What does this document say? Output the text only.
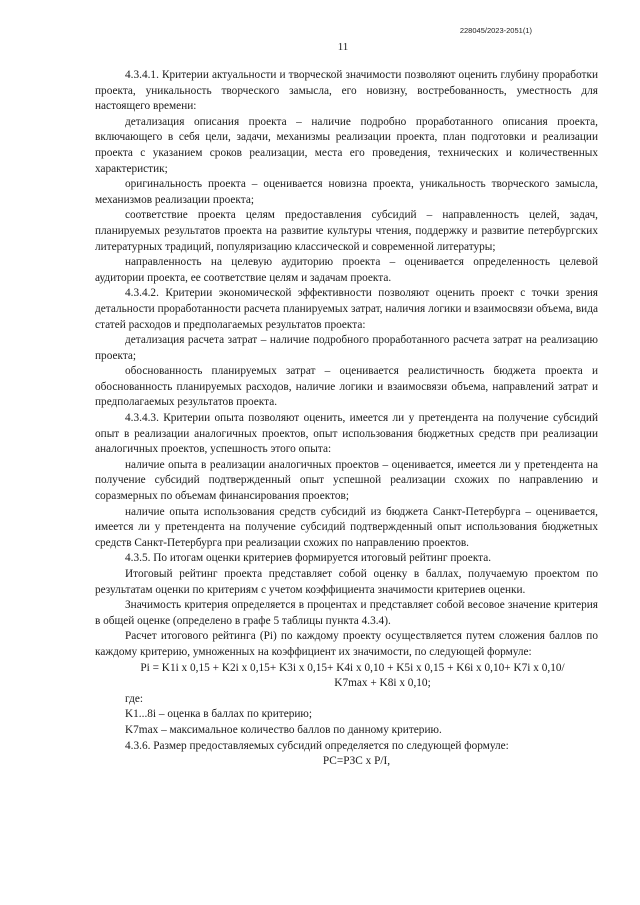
228045/2023-2051(1)
11

4.3.4.1. Критерии актуальности и творческой значимости позволяют оценить глубину проработки проекта, уникальность творческого замысла, его новизну, востребованность, уместность для настоящего времени:

детализация описания проекта – наличие подробно проработанного описания проекта, включающего в себя цели, задачи, механизмы реализации проекта, план подготовки и реализации проекта с указанием сроков реализации, места его проведения, технических и количественных характеристик;

оригинальность проекта – оценивается новизна проекта, уникальность творческого замысла, механизмов реализации проекта;

соответствие проекта целям предоставления субсидий – направленность целей, задач, планируемых результатов проекта на развитие культуры чтения, поддержку и развитие петербургских литературных традиций, популяризацию классической и современной литературы;

направленность на целевую аудиторию проекта – оценивается определенность целевой аудитории проекта, ее соответствие целям и задачам проекта.

4.3.4.2. Критерии экономической эффективности позволяют оценить проект с точки зрения детальности проработанности расчета планируемых затрат, наличия логики и взаимосвязи объема, вида статей расходов и предполагаемых результатов проекта:

детализация расчета затрат – наличие подробного проработанного расчета затрат на реализацию проекта;

обоснованность планируемых затрат – оценивается реалистичность бюджета проекта и обоснованность планируемых расходов, наличие логики и взаимосвязи объема, направлений затрат и предполагаемых результатов проекта.

4.3.4.3. Критерии опыта позволяют оценить, имеется ли у претендента на получение субсидий опыт в реализации аналогичных проектов, опыт использования бюджетных средств при реализации аналогичных проектов, успешность этого опыта:

наличие опыта в реализации аналогичных проектов – оценивается, имеется ли у претендента на получение субсидий подтвержденный опыт успешной реализации схожих по направлению и соразмерных по объемам финансирования проектов;

наличие опыта использования средств субсидий из бюджета Санкт-Петербурга – оценивается, имеется ли у претендента на получение субсидий подтвержденный опыт использования бюджетных средств Санкт-Петербурга при реализации схожих по направлению проектов.

4.3.5. По итогам оценки критериев формируется итоговый рейтинг проекта.

Итоговый рейтинг проекта представляет собой оценку в баллах, получаемую проектом по результатам оценки по критериям с учетом коэффициента значимости критериев оценки.

Значимость критерия определяется в процентах и представляет собой весовое значение критерия в общей оценке (определено в графе 5 таблицы пункта 4.3.4).

Расчет итогового рейтинга (Pi) по каждому проекту осуществляется путем сложения баллов по каждому критерию, умноженных на коэффициент их значимости, по следующей формуле:

Pi = K1i х 0,15 + K2i х 0,15+ K3i х 0,15+ K4i х 0,10 + K5i х 0,15 + K6i х 0,10+ K7i х 0,10/
K7max + K8i х 0,10;

где:

K1...8i – оценка в баллах по критерию;

K7max – максимальное количество баллов по данному критерию.

4.3.6. Размер предоставляемых субсидий определяется по следующей формуле:

РС=РЗС х P/I,
